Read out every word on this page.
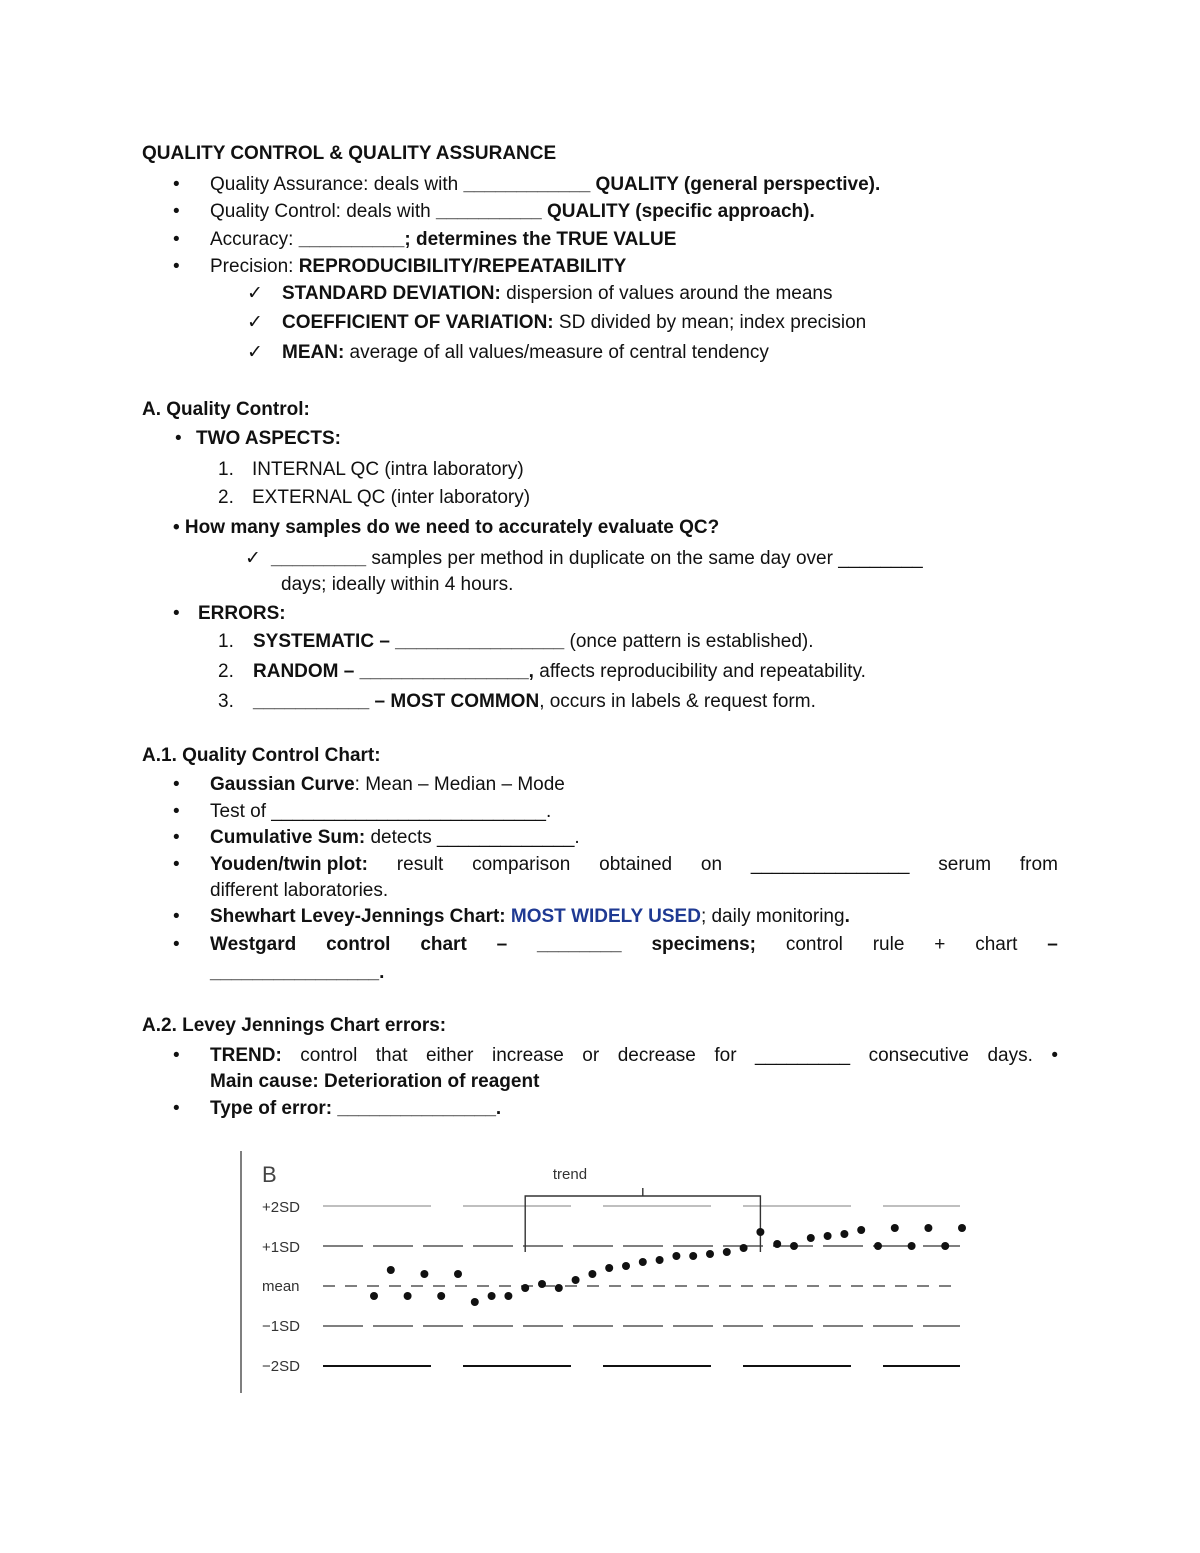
QUALITY CONTROL & QUALITY ASSURANCE
• Quality Assurance: deals with ____________ QUALITY (general perspective).
• Quality Control: deals with __________ QUALITY (specific approach).
• Accuracy: __________; determines the TRUE VALUE
• Precision: REPRODUCIBILITY/REPEATABILITY
✓ STANDARD DEVIATION: dispersion of values around the means
✓ COEFFICIENT OF VARIATION: SD divided by mean; index precision
✓ MEAN: average of all values/measure of central tendency
A. Quality Control:
• TWO ASPECTS:
1. INTERNAL QC (intra laboratory)
2. EXTERNAL QC (inter laboratory)
• How many samples do we need to accurately evaluate QC?
✓ _________ samples per method in duplicate on the same day over ________
days; ideally within 4 hours.
• ERRORS:
1. SYSTEMATIC – ________________ (once pattern is established).
2. RANDOM – ________________, affects reproducibility and repeatability.
3. ___________ – MOST COMMON, occurs in labels & request form.
A.1. Quality Control Chart:
• Gaussian Curve: Mean – Median – Mode
• Test of __________________________.
• Cumulative Sum: detects _____________.
• Youden/twin plot: result comparison obtained on _______________ serum from
different laboratories.
• Shewhart Levey-Jennings Chart: MOST WIDELY USED; daily monitoring.
• Westgard control chart – ________ specimens; control rule + chart –
________________.
A.2. Levey Jennings Chart errors:
• TREND: control that either increase or decrease for _________ consecutive days. •
Main cause: Deterioration of reagent
• Type of error: _______________.
B	trend
+2SD
+1SD
mean
−1SD
−2SD
